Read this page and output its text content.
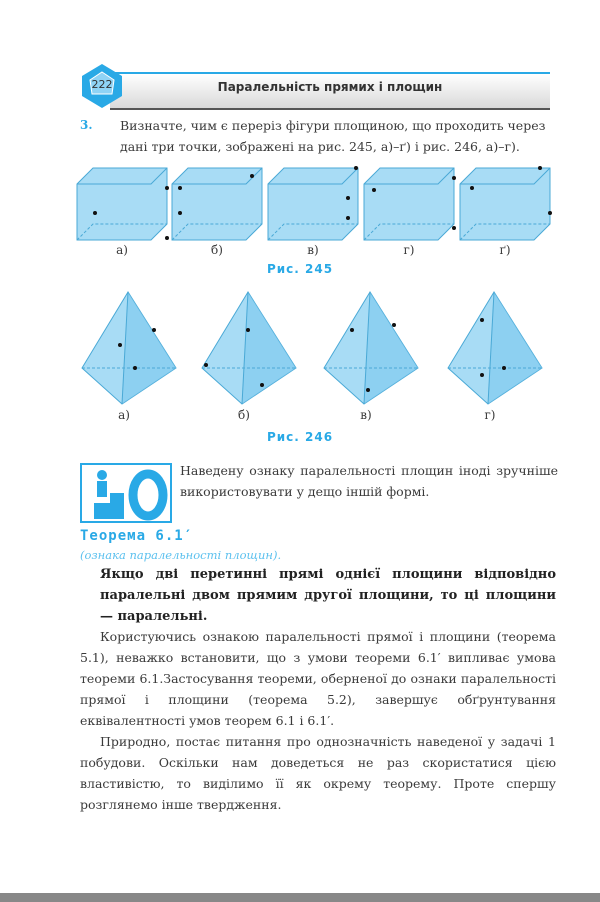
222	Паралельність прямих і площин
3. Визначте, чим є переріз фігури площиною, що проходить через дані три точки, зображені на рис. 245, а)–ґ) і рис. 246, а)–г).
Рис. 245
Рис. 246
Наведену ознаку паралельності площин іноді зручніше використовувати у дещо іншій формі.
Теорема 6.1′
(ознака паралельності площин).
Якщо дві перетинні прямі однієї площини відповідно паралельні двом прямим другої площини, то ці площини — паралельні.
Користуючись ознакою паралельності прямої і площини (теорема 5.1), неважко встановити, що з умови теореми 6.1′ випливає умова теореми 6.1.Застосування теореми, оберненої до ознаки паралельності прямої і площини (теорема 5.2), завершує обґрунтування еквівалентності умов теорем 6.1 і 6.1′.
Природно, постає питання про однозначність наведеної у задачі 1 побудови. Оскільки нам доведеться не раз скористатися цією властивістю, то виділимо її як окрему теорему. Проте спершу розглянемо інше твердження.
а)	б)	в)	г)	ґ)
а)	б)	в)	г)
